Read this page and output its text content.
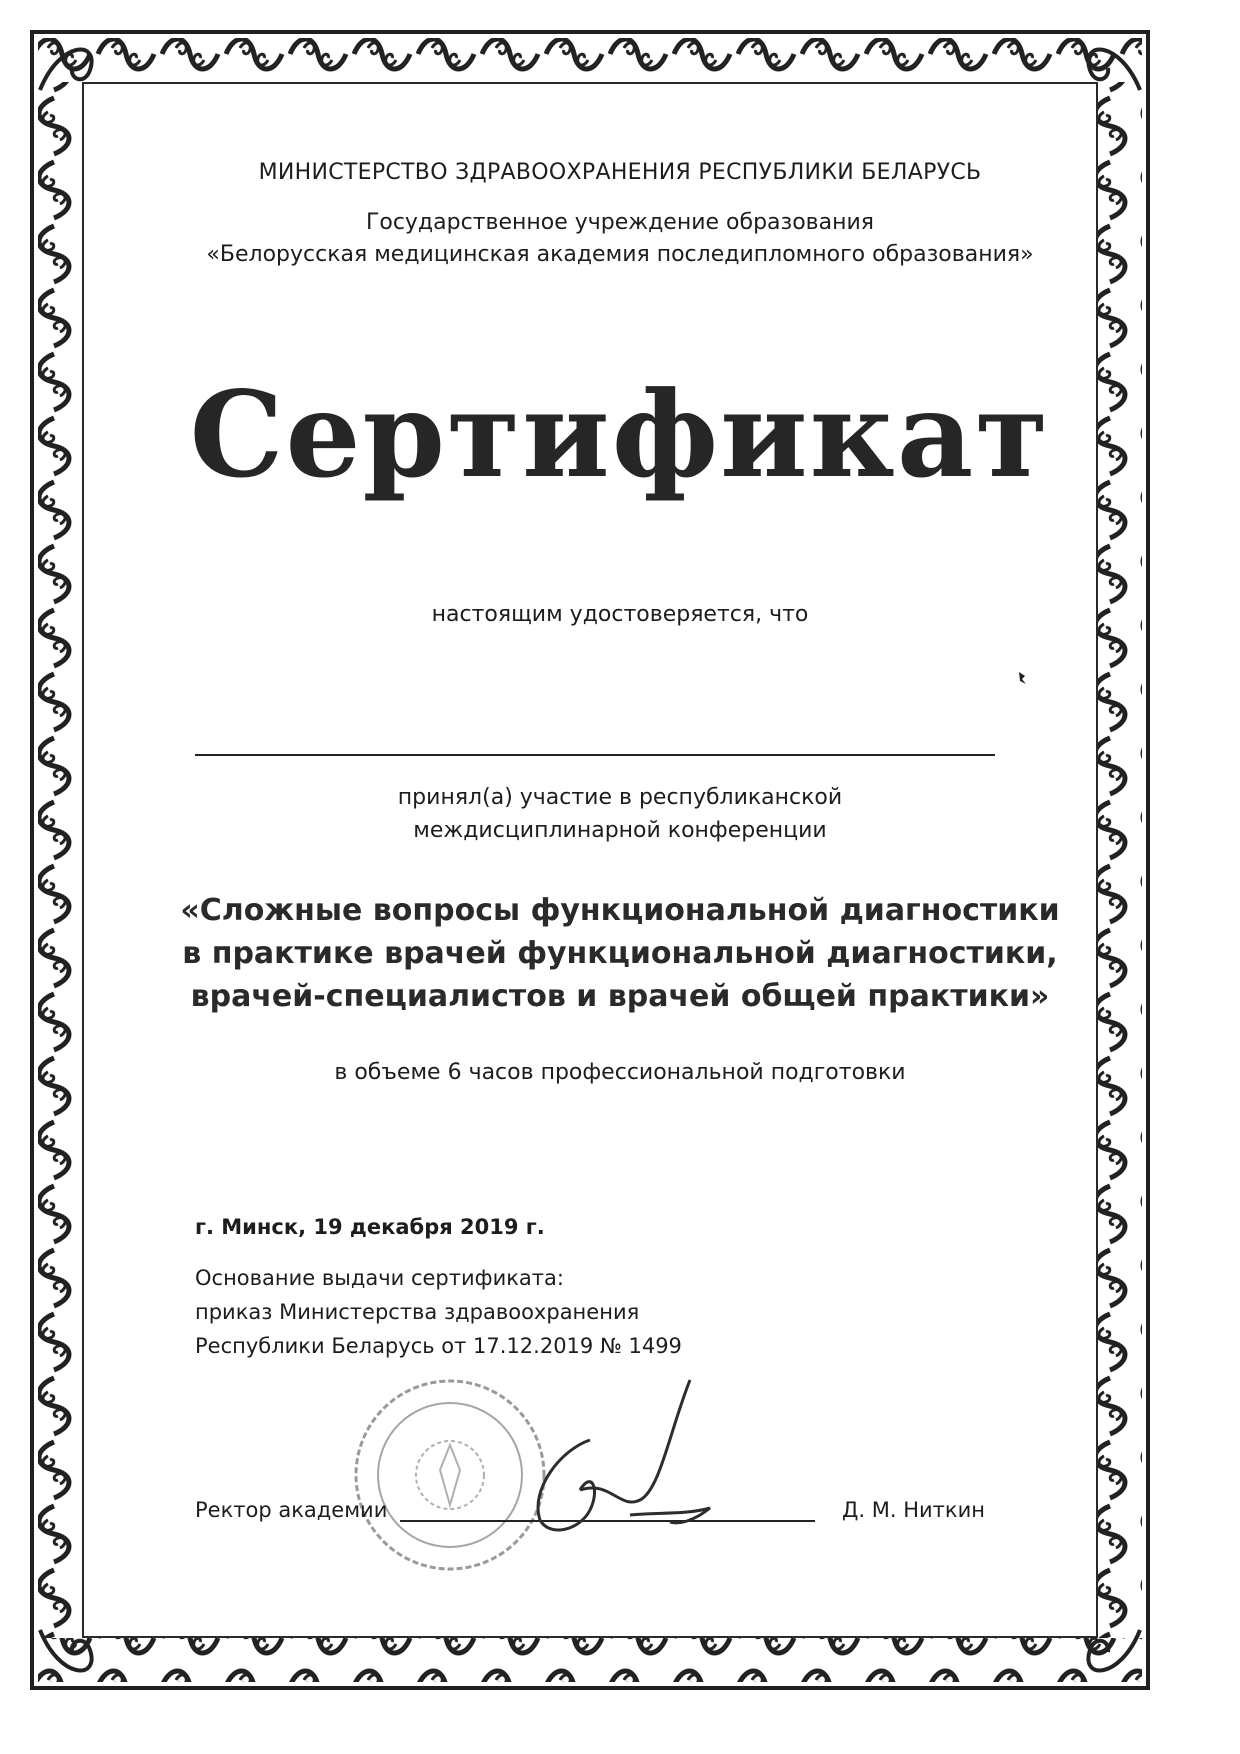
МИНИСТЕРСТВО ЗДРАВООХРАНЕНИЯ РЕСПУБЛИКИ БЕЛАРУСЬ
Государственное учреждение образования
«Белорусская медицинская академия последипломного образования»
Сертификат
настоящим удостоверяется, что
принял(а) участие в республиканской
междисциплинарной конференции
«Сложные вопросы функциональной диагностики
в практике врачей функциональной диагностики,
врачей-специалистов и врачей общей практики»
в объеме 6 часов профессиональной подготовки
г. Минск, 19 декабря 2019 г.
Основание выдачи сертификата:
приказ Министерства здравоохранения
Республики Беларусь от 17.12.2019 № 1499
Ректор академии	Д. М. Ниткин
